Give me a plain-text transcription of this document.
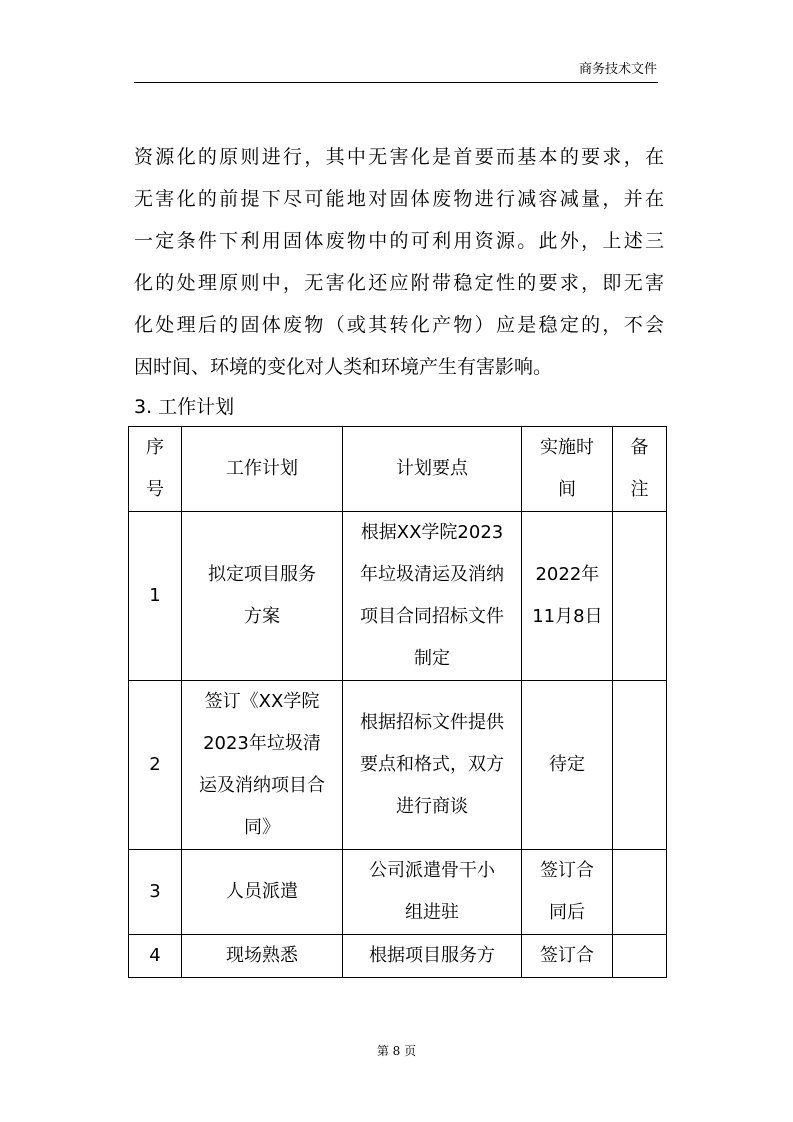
商务技术文件
资源化的原则进行，其中无害化是首要而基本的要求，在
无害化的前提下尽可能地对固体废物进行减容减量，并在
一定条件下利用固体废物中的可利用资源。此外，上述三
化的处理原则中，无害化还应附带稳定性的要求，即无害
化处理后的固体废物（或其转化产物）应是稳定的，不会
因时间、环境的变化对人类和环境产生有害影响。
3. 工作计划
序号	工作计划	计划要点	实施时间	备注

1	拟定项目服务方案	根据XX学院2023年垃圾清运及消纳项目合同招标文件制定	2022年11月8日	

2	签订《XX学院2023年垃圾清运及消纳项目合同》	根据招标文件提供要点和格式，双方进行商谈	待定	

3	人员派遣	公司派遣骨干小组进驻	签订合同后	

4	现场熟悉	根据项目服务方	签订合	

第 8 页
